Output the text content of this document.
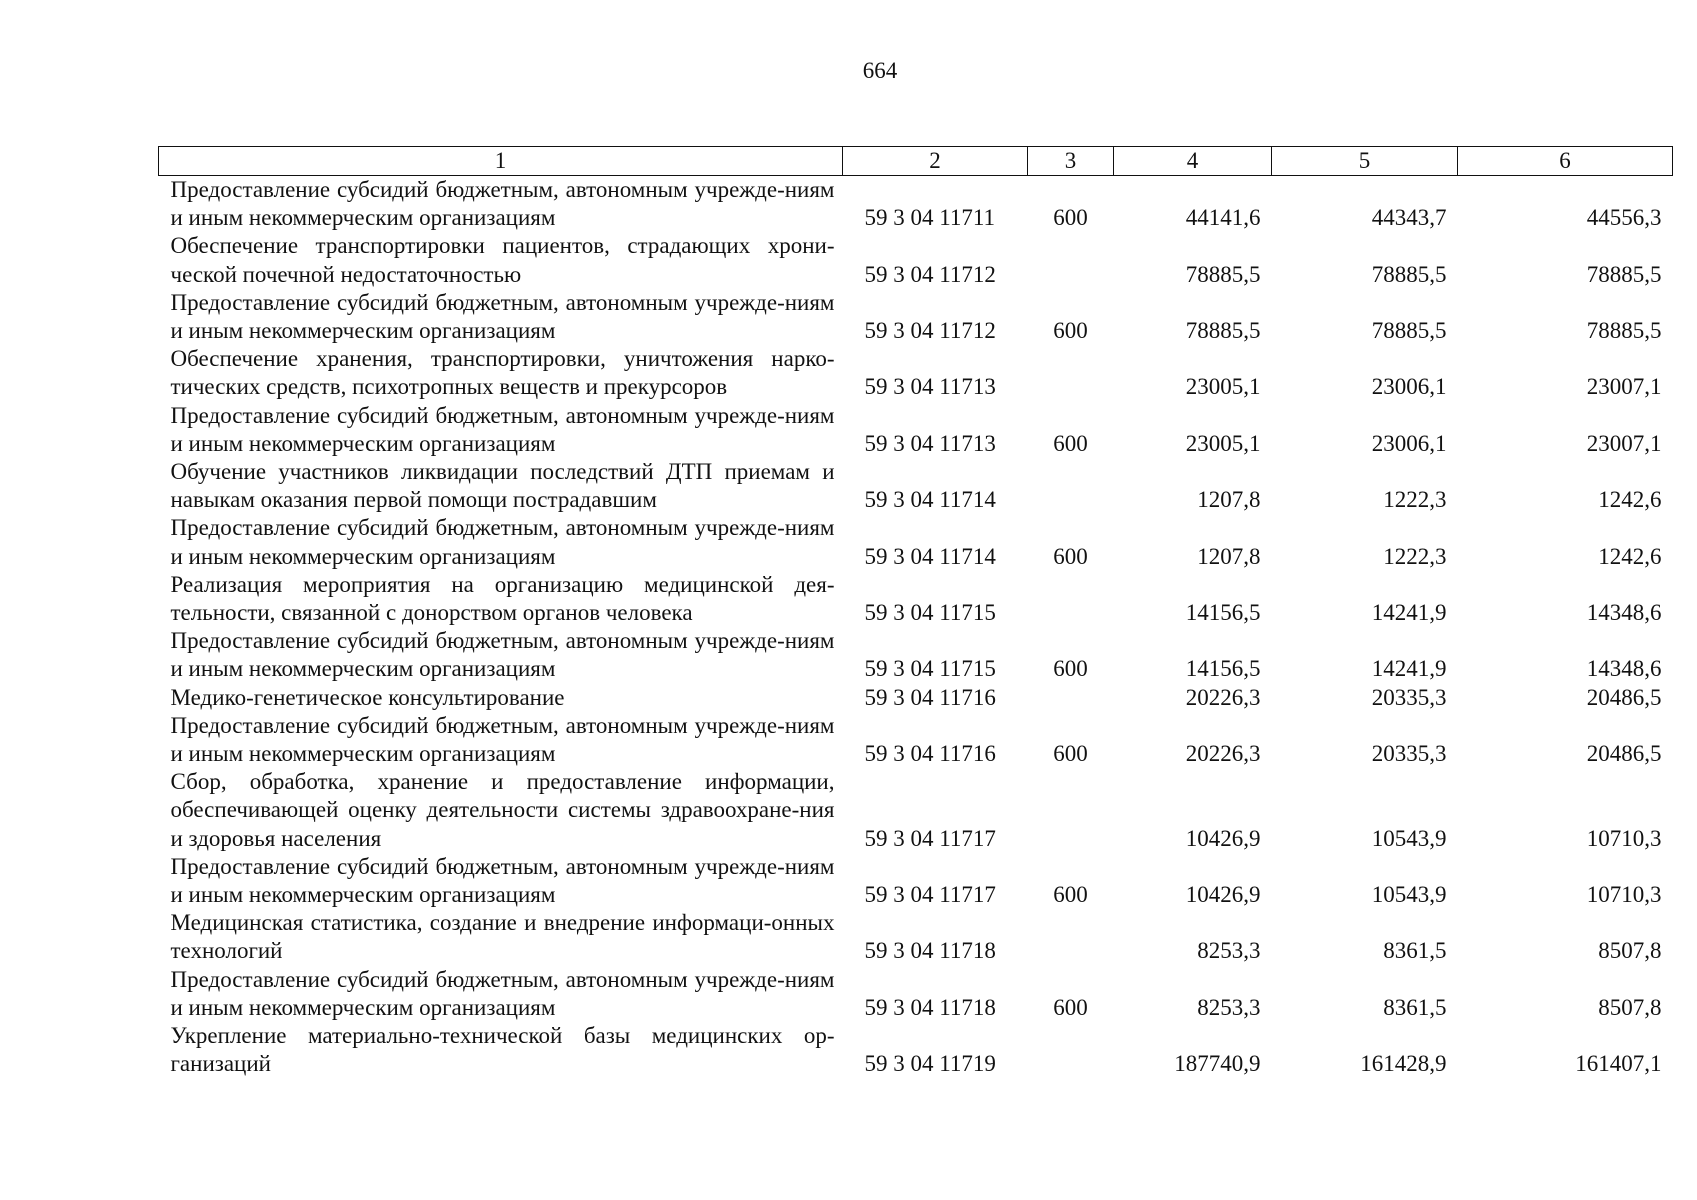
664
1	2	3	4	5	6
Предоставление субсидий бюджетным, автономным учрежде-ниям и иным некоммерческим организациям	59 3 04 11711	600	44141,6	44343,7	44556,3
Обеспечение транспортировки пациентов, страдающих хрони-ческой почечной недостаточностью	59 3 04 11712		78885,5	78885,5	78885,5
Предоставление субсидий бюджетным, автономным учрежде-ниям и иным некоммерческим организациям	59 3 04 11712	600	78885,5	78885,5	78885,5
Обеспечение хранения, транспортировки, уничтожения нарко-тических средств, психотропных веществ и прекурсоров	59 3 04 11713		23005,1	23006,1	23007,1
Предоставление субсидий бюджетным, автономным учрежде-ниям и иным некоммерческим организациям	59 3 04 11713	600	23005,1	23006,1	23007,1
Обучение участников ликвидации последствий ДТП приемам и навыкам оказания первой помощи пострадавшим	59 3 04 11714		1207,8	1222,3	1242,6
Предоставление субсидий бюджетным, автономным учрежде-ниям и иным некоммерческим организациям	59 3 04 11714	600	1207,8	1222,3	1242,6
Реализация мероприятия на организацию медицинской дея-тельности, связанной с донорством органов человека	59 3 04 11715		14156,5	14241,9	14348,6
Предоставление субсидий бюджетным, автономным учрежде-ниям и иным некоммерческим организациям	59 3 04 11715	600	14156,5	14241,9	14348,6
Медико-генетическое консультирование	59 3 04 11716		20226,3	20335,3	20486,5
Предоставление субсидий бюджетным, автономным учрежде-ниям и иным некоммерческим организациям	59 3 04 11716	600	20226,3	20335,3	20486,5
Сбор, обработка, хранение и предоставление информации, обеспечивающей оценку деятельности системы здравоохране-ния и здоровья населения	59 3 04 11717		10426,9	10543,9	10710,3
Предоставление субсидий бюджетным, автономным учрежде-ниям и иным некоммерческим организациям	59 3 04 11717	600	10426,9	10543,9	10710,3
Медицинская статистика, создание и внедрение информаци-онных технологий	59 3 04 11718		8253,3	8361,5	8507,8
Предоставление субсидий бюджетным, автономным учрежде-ниям и иным некоммерческим организациям	59 3 04 11718	600	8253,3	8361,5	8507,8
Укрепление материально-технической базы медицинских ор-ганизаций	59 3 04 11719		187740,9	161428,9	161407,1
